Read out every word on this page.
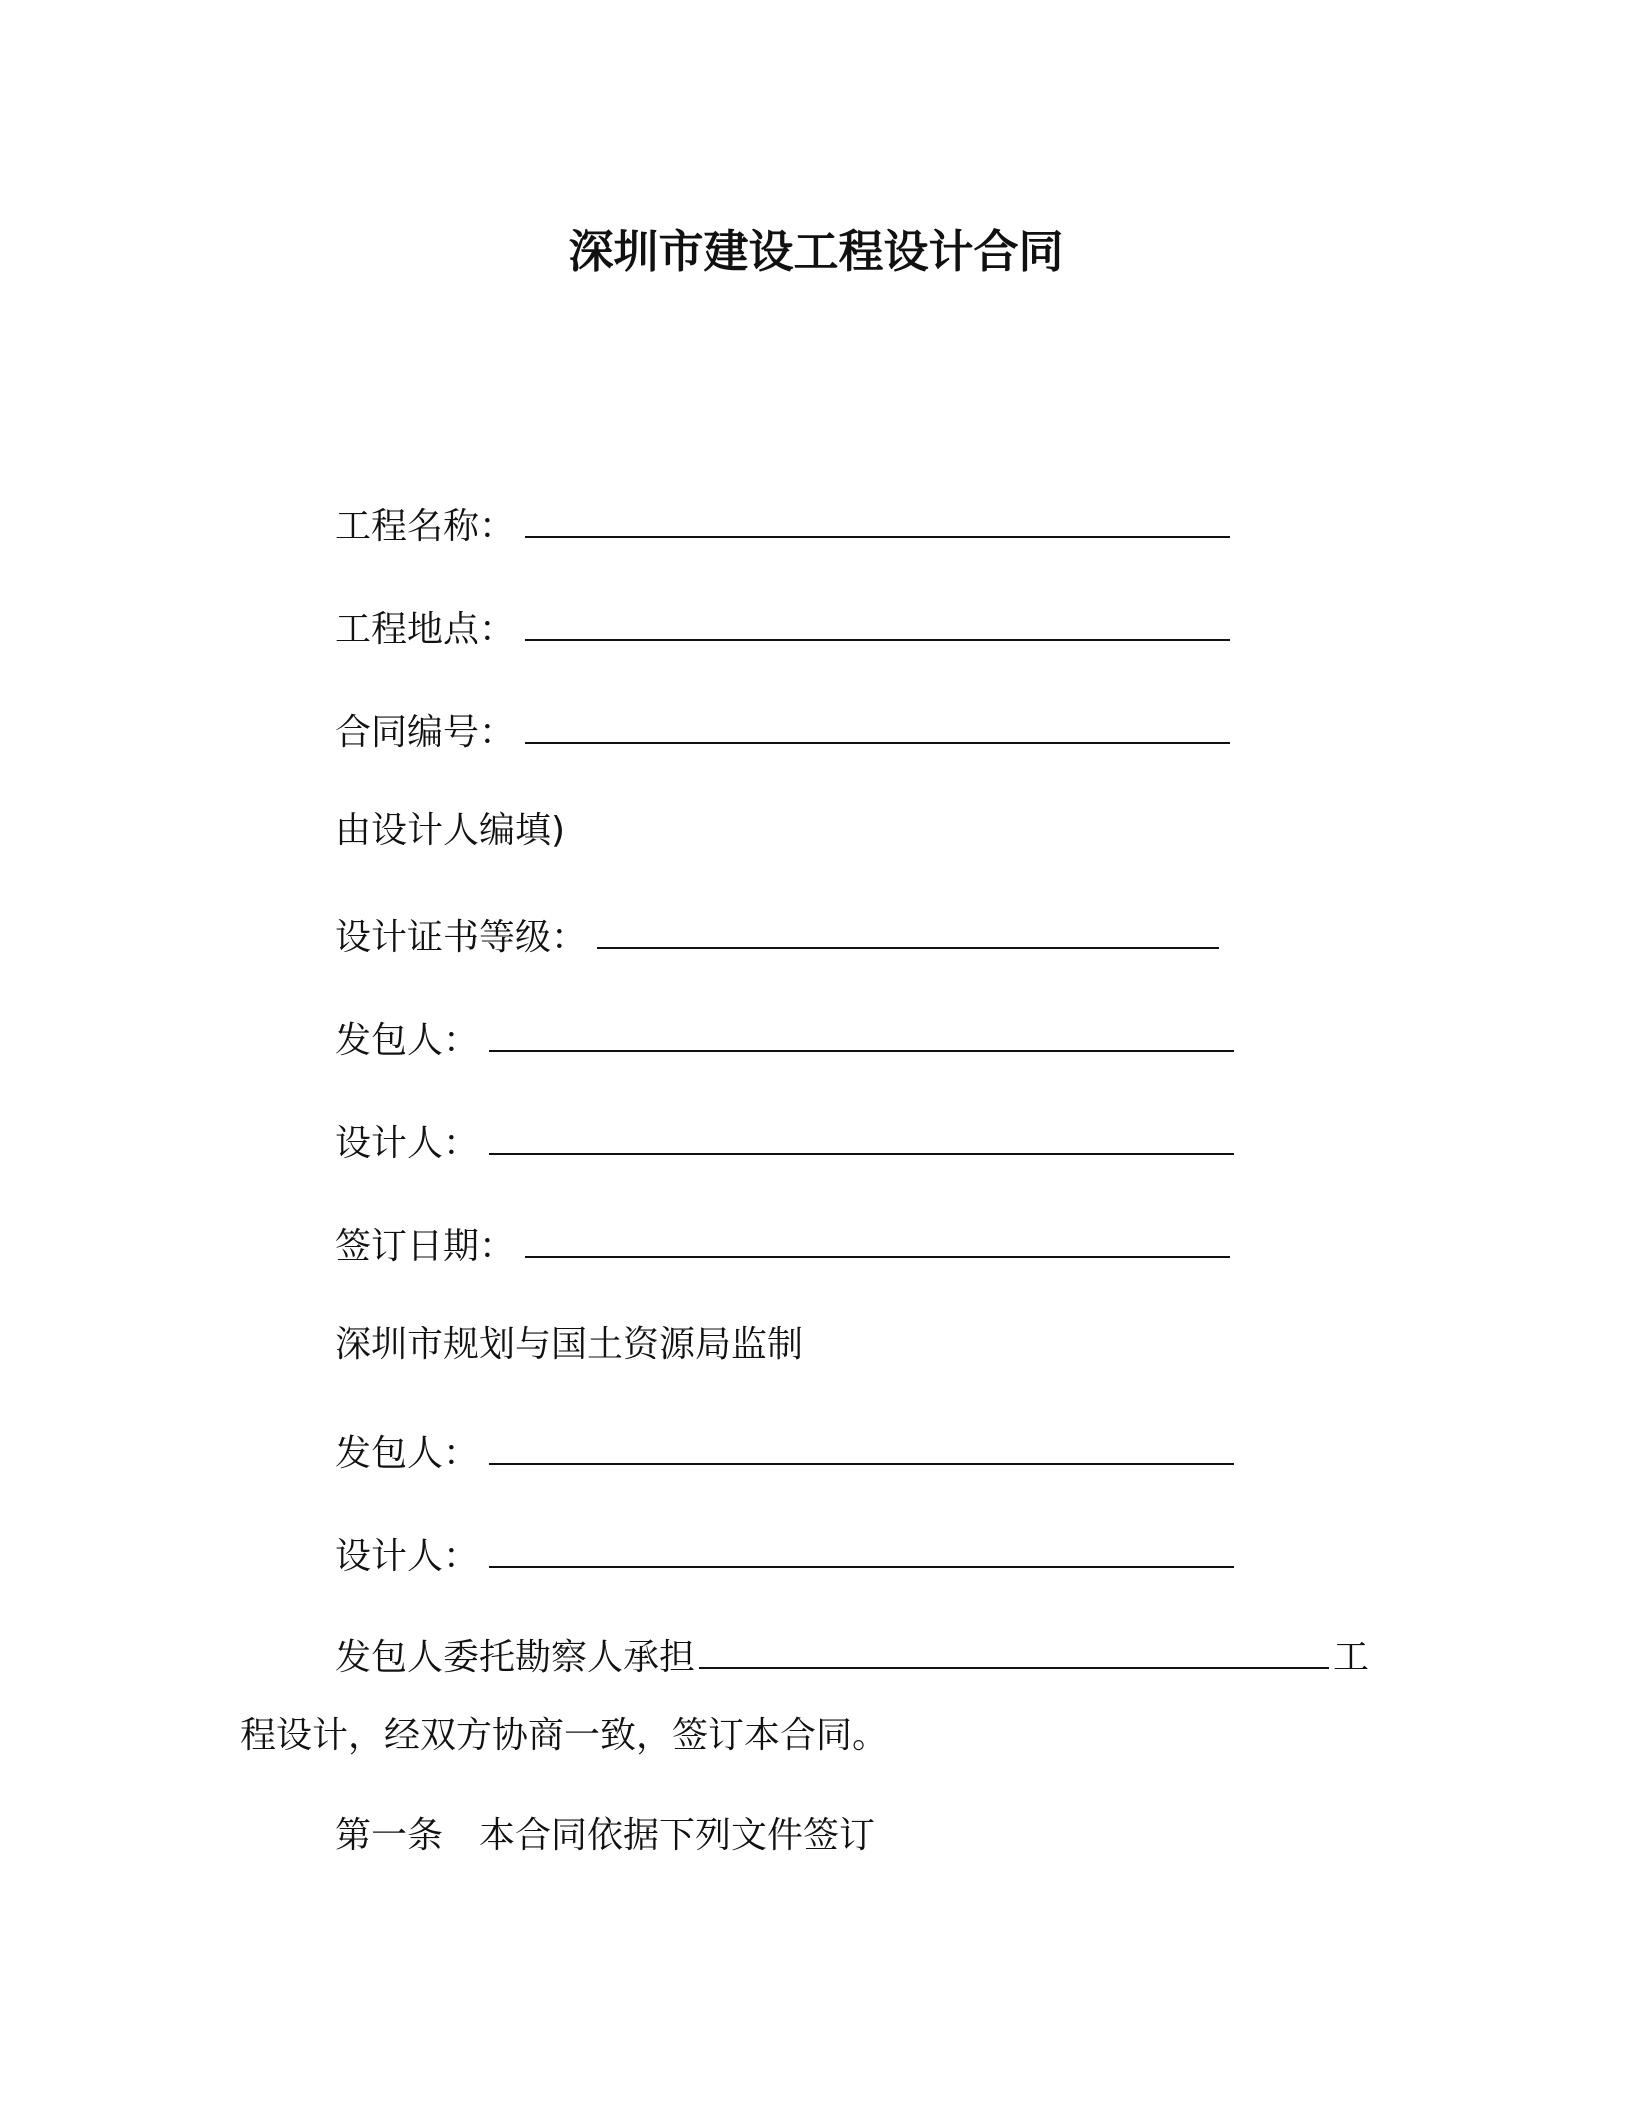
深圳市建设工程设计合同
工程名称：
工程地点：
合同编号：
由设计人编填)
设计证书等级：
发包人：
设计人：
签订日期：
深圳市规划与国土资源局监制
发包人：
设计人：
发包人委托勘察人承担	工
程设计，经双方协商一致，签订本合同。
第一条 本合同依据下列文件签订
